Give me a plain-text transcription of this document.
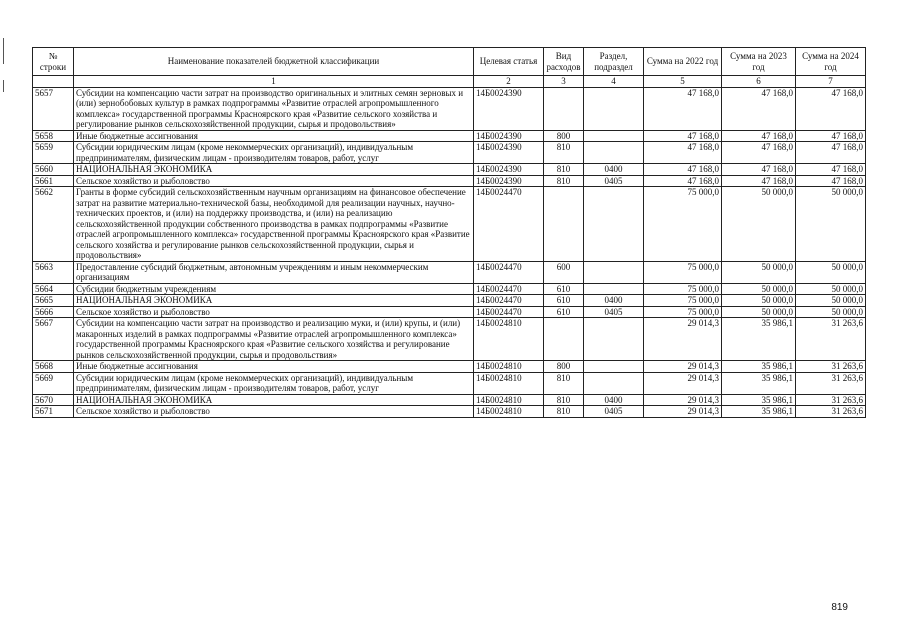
№ строки	Наименование показателей бюджетной классификации	Целевая статья	Вид расходов	Раздел, подраздел	Сумма на 2022 год	Сумма на 2023 год	Сумма на 2024 год
	1	2	3	4	5	6	7
5657	Субсидии на компенсацию части затрат на производство оригинальных и элитных семян зерновых и (или) зернобобовых культур в рамках подпрограммы «Развитие отраслей агропромышленного комплекса» государственной программы Красноярского края «Развитие сельского хозяйства и регулирование рынков сельскохозяйственной продукции, сырья и продовольствия»	14Б0024390			47 168,0	47 168,0	47 168,0
5658	Иные бюджетные ассигнования	14Б0024390	800		47 168,0	47 168,0	47 168,0
5659	Субсидии юридическим лицам (кроме некоммерческих организаций), индивидуальным предпринимателям, физическим лицам - производителям товаров, работ, услуг	14Б0024390	810		47 168,0	47 168,0	47 168,0
5660	НАЦИОНАЛЬНАЯ ЭКОНОМИКА	14Б0024390	810	0400	47 168,0	47 168,0	47 168,0
5661	Сельское хозяйство и рыболовство	14Б0024390	810	0405	47 168,0	47 168,0	47 168,0
5662	Гранты в форме субсидий сельскохозяйственным научным организациям на финансовое обеспечение затрат на развитие материально-технической базы, необходимой для реализации научных, научно-технических проектов, и (или) на поддержку производства, и (или) на реализацию сельскохозяйственной продукции собственного производства в рамках подпрограммы «Развитие отраслей агропромышленного комплекса» государственной программы Красноярского края «Развитие сельского хозяйства и регулирование рынков сельскохозяйственной продукции, сырья и продовольствия»	14Б0024470			75 000,0	50 000,0	50 000,0
5663	Предоставление субсидий бюджетным, автономным учреждениям и иным некоммерческим организациям	14Б0024470	600		75 000,0	50 000,0	50 000,0
5664	Субсидии бюджетным учреждениям	14Б0024470	610		75 000,0	50 000,0	50 000,0
5665	НАЦИОНАЛЬНАЯ ЭКОНОМИКА	14Б0024470	610	0400	75 000,0	50 000,0	50 000,0
5666	Сельское хозяйство и рыболовство	14Б0024470	610	0405	75 000,0	50 000,0	50 000,0
5667	Субсидии на компенсацию части затрат на производство и реализацию муки, и (или) крупы, и (или) макаронных изделий в рамках подпрограммы «Развитие отраслей агропромышленного комплекса» государственной программы Красноярского края «Развитие сельского хозяйства и регулирование рынков сельскохозяйственной продукции, сырья и продовольствия»	14Б0024810			29 014,3	35 986,1	31 263,6
5668	Иные бюджетные ассигнования	14Б0024810	800		29 014,3	35 986,1	31 263,6
5669	Субсидии юридическим лицам (кроме некоммерческих организаций), индивидуальным предпринимателям, физическим лицам - производителям товаров, работ, услуг	14Б0024810	810		29 014,3	35 986,1	31 263,6
5670	НАЦИОНАЛЬНАЯ ЭКОНОМИКА	14Б0024810	810	0400	29 014,3	35 986,1	31 263,6
5671	Сельское хозяйство и рыболовство	14Б0024810	810	0405	29 014,3	35 986,1	31 263,6
819
